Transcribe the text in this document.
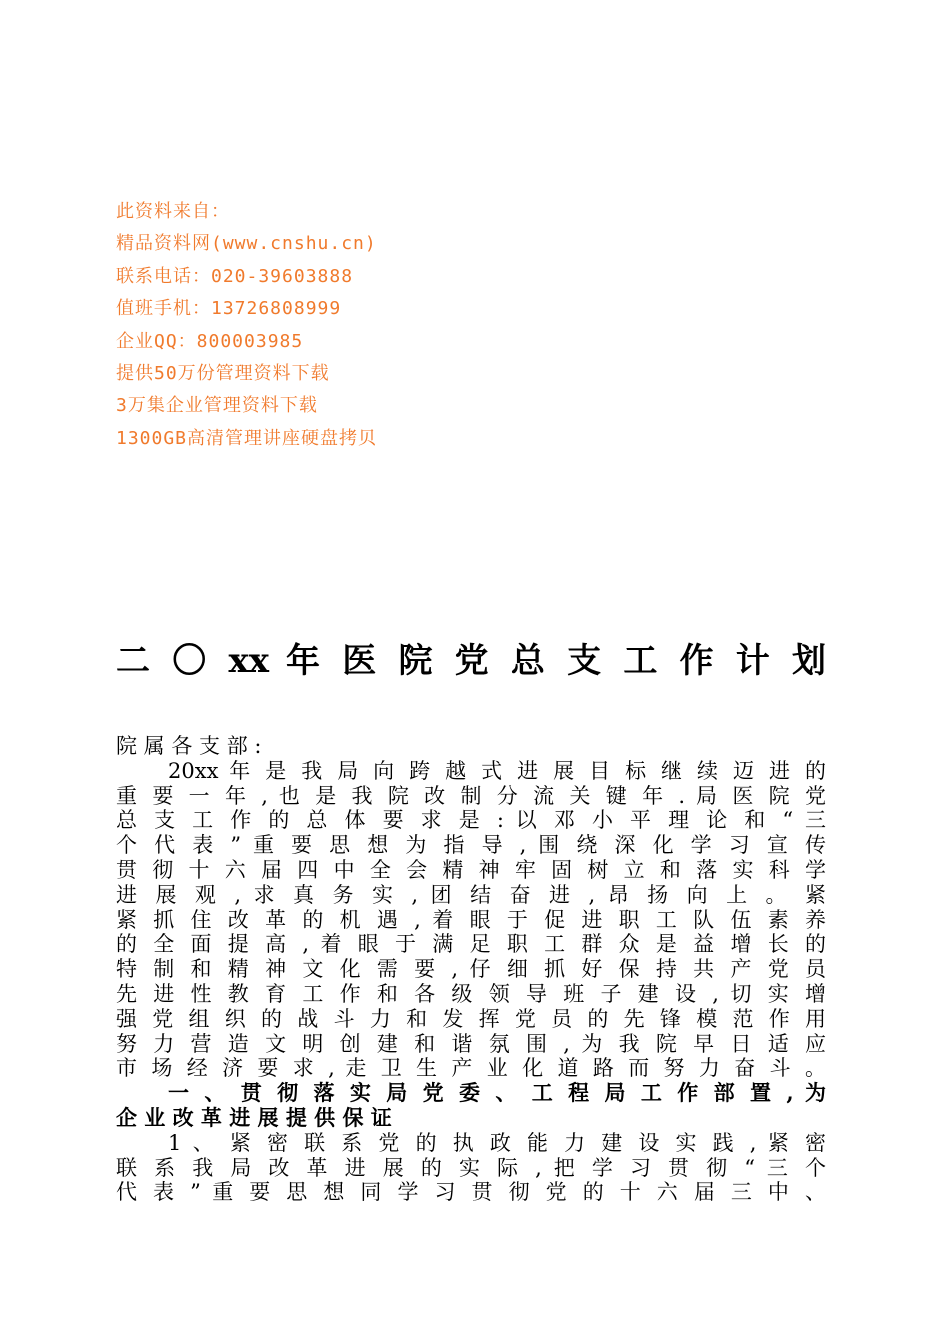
此资料来自：
精品资料网(www.cnshu.cn)
联系电话：020-39603888
值班手机：13726808999
企业QQ：800003985
提供50万份管理资料下载
3万集企业管理资料下载
1300GB高清管理讲座硬盘拷贝
二 〇 xx 年 医 院 党 总 支 工 作 计 划
院 属 各 支 部 :
20xx 年 是 我 局 向 跨 越 式 进 展 目 标 继 续 迈 进 的
重 要 一 年 , 也 是 我 院 改 制 分 流 关 键 年 . 局 医 院 党
总 支 工 作 的 总 体 要 求 是 : 以 邓 小 平 理 论 和 “ 三
个 代 表 ” 重 要 思 想 为 指 导 , 围 绕 深 化 学 习 宣 传
贯 彻 十 六 届 四 中 全 会 精 神 牢 固 树 立 和 落 实 科 学
进 展 观 , 求 真 务 实 , 团 结 奋 进 , 昂 扬 向 上 。 紧
紧 抓 住 改 革 的 机 遇 , 着 眼 于 促 进 职 工 队 伍 素 养
的 全 面 提 高 , 着 眼 于 满 足 职 工 群 众 是 益 增 长 的
特 制 和 精 神 文 化 需 要 , 仔 细 抓 好 保 持 共 产 党 员
先 进 性 教 育 工 作 和 各 级 领 导 班 子 建 设 , 切 实 增
强 党 组 织 的 战 斗 力 和 发 挥 党 员 的 先 锋 模 范 作 用
努 力 营 造 文 明 创 建 和 谐 氛 围 , 为 我 院 早 日 适 应
市 场 经 济 要 求 , 走 卫 生 产 业 化 道 路 而 努 力 奋 斗 。
一 、 贯 彻 落 实 局 党 委 、 工 程 局 工 作 部 置 , 为
企 业 改 革 进 展 提 供 保 证
1 、 紧 密 联 系 党 的 执 政 能 力 建 设 实 践 , 紧 密
联 系 我 局 改 革 进 展 的 实 际 , 把 学 习 贯 彻 “ 三 个
代 表 ” 重 要 思 想 同 学 习 贯 彻 党 的 十 六 届 三 中 、
